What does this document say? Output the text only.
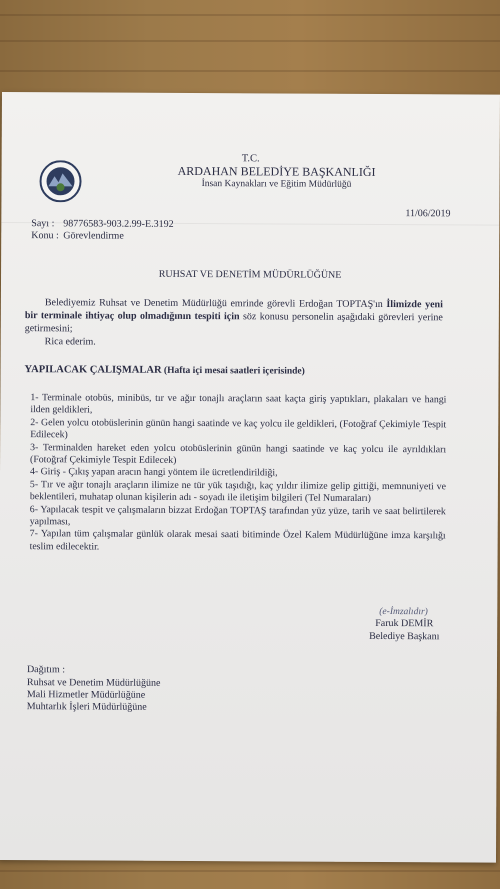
T.C.
ARDAHAN BELEDİYE BAŞKANLIĞI
İnsan Kaynakları ve Eğitim Müdürlüğü
Sayı : 98776583-903.2.99-E.3192
Konu : Görevlendirme
11/06/2019
RUHSAT VE DENETİM MÜDÜRLÜĞÜNE

Belediyemiz Ruhsat ve Denetim Müdürlüğü emrinde görevli Erdoğan TOPTAŞ'ın İlimizde yeni bir terminale ihtiyaç olup olmadığının tespiti için söz konusu personelin aşağıdaki görevleri yerine getirmesini;

Rica ederim.

YAPILACAK ÇALIŞMALAR (Hafta içi mesai saatleri içerisinde)

1- Terminale otobüs, minibüs, tır ve ağır tonajlı araçların saat kaçta giriş yaptıkları, plakaları ve hangi ilden geldikleri,

2- Gelen yolcu otobüslerinin günün hangi saatinde ve kaç yolcu ile geldikleri, (Fotoğraf Çekimiyle Tespit Edilecek)

3- Terminalden hareket eden yolcu otobüslerinin günün hangi saatinde ve kaç yolcu ile ayrıldıkları (Fotoğraf Çekimiyle Tespit Edilecek)

4- Giriş - Çıkış yapan aracın hangi yöntem ile ücretlendirildiği,

5- Tır ve ağır tonajlı araçların ilimize ne tür yük taşıdığı, kaç yıldır ilimize gelip gittiği, memnuniyeti ve beklentileri, muhatap olunan kişilerin adı - soyadı ile iletişim bilgileri (Tel Numaraları)

6- Yapılacak tespit ve çalışmaların bizzat Erdoğan TOPTAŞ tarafından yüz yüze, tarih ve saat belirtilerek yapılması,

7- Yapılan tüm çalışmalar günlük olarak mesai saati bitiminde Özel Kalem Müdürlüğüne imza karşılığı teslim edilecektir.

(e-İmzalıdır)
Faruk DEMİR
Belediye Başkanı
Dağıtım :
Ruhsat ve Denetim Müdürlüğüne
Mali Hizmetler Müdürlüğüne
Muhtarlık İşleri Müdürlüğüne
